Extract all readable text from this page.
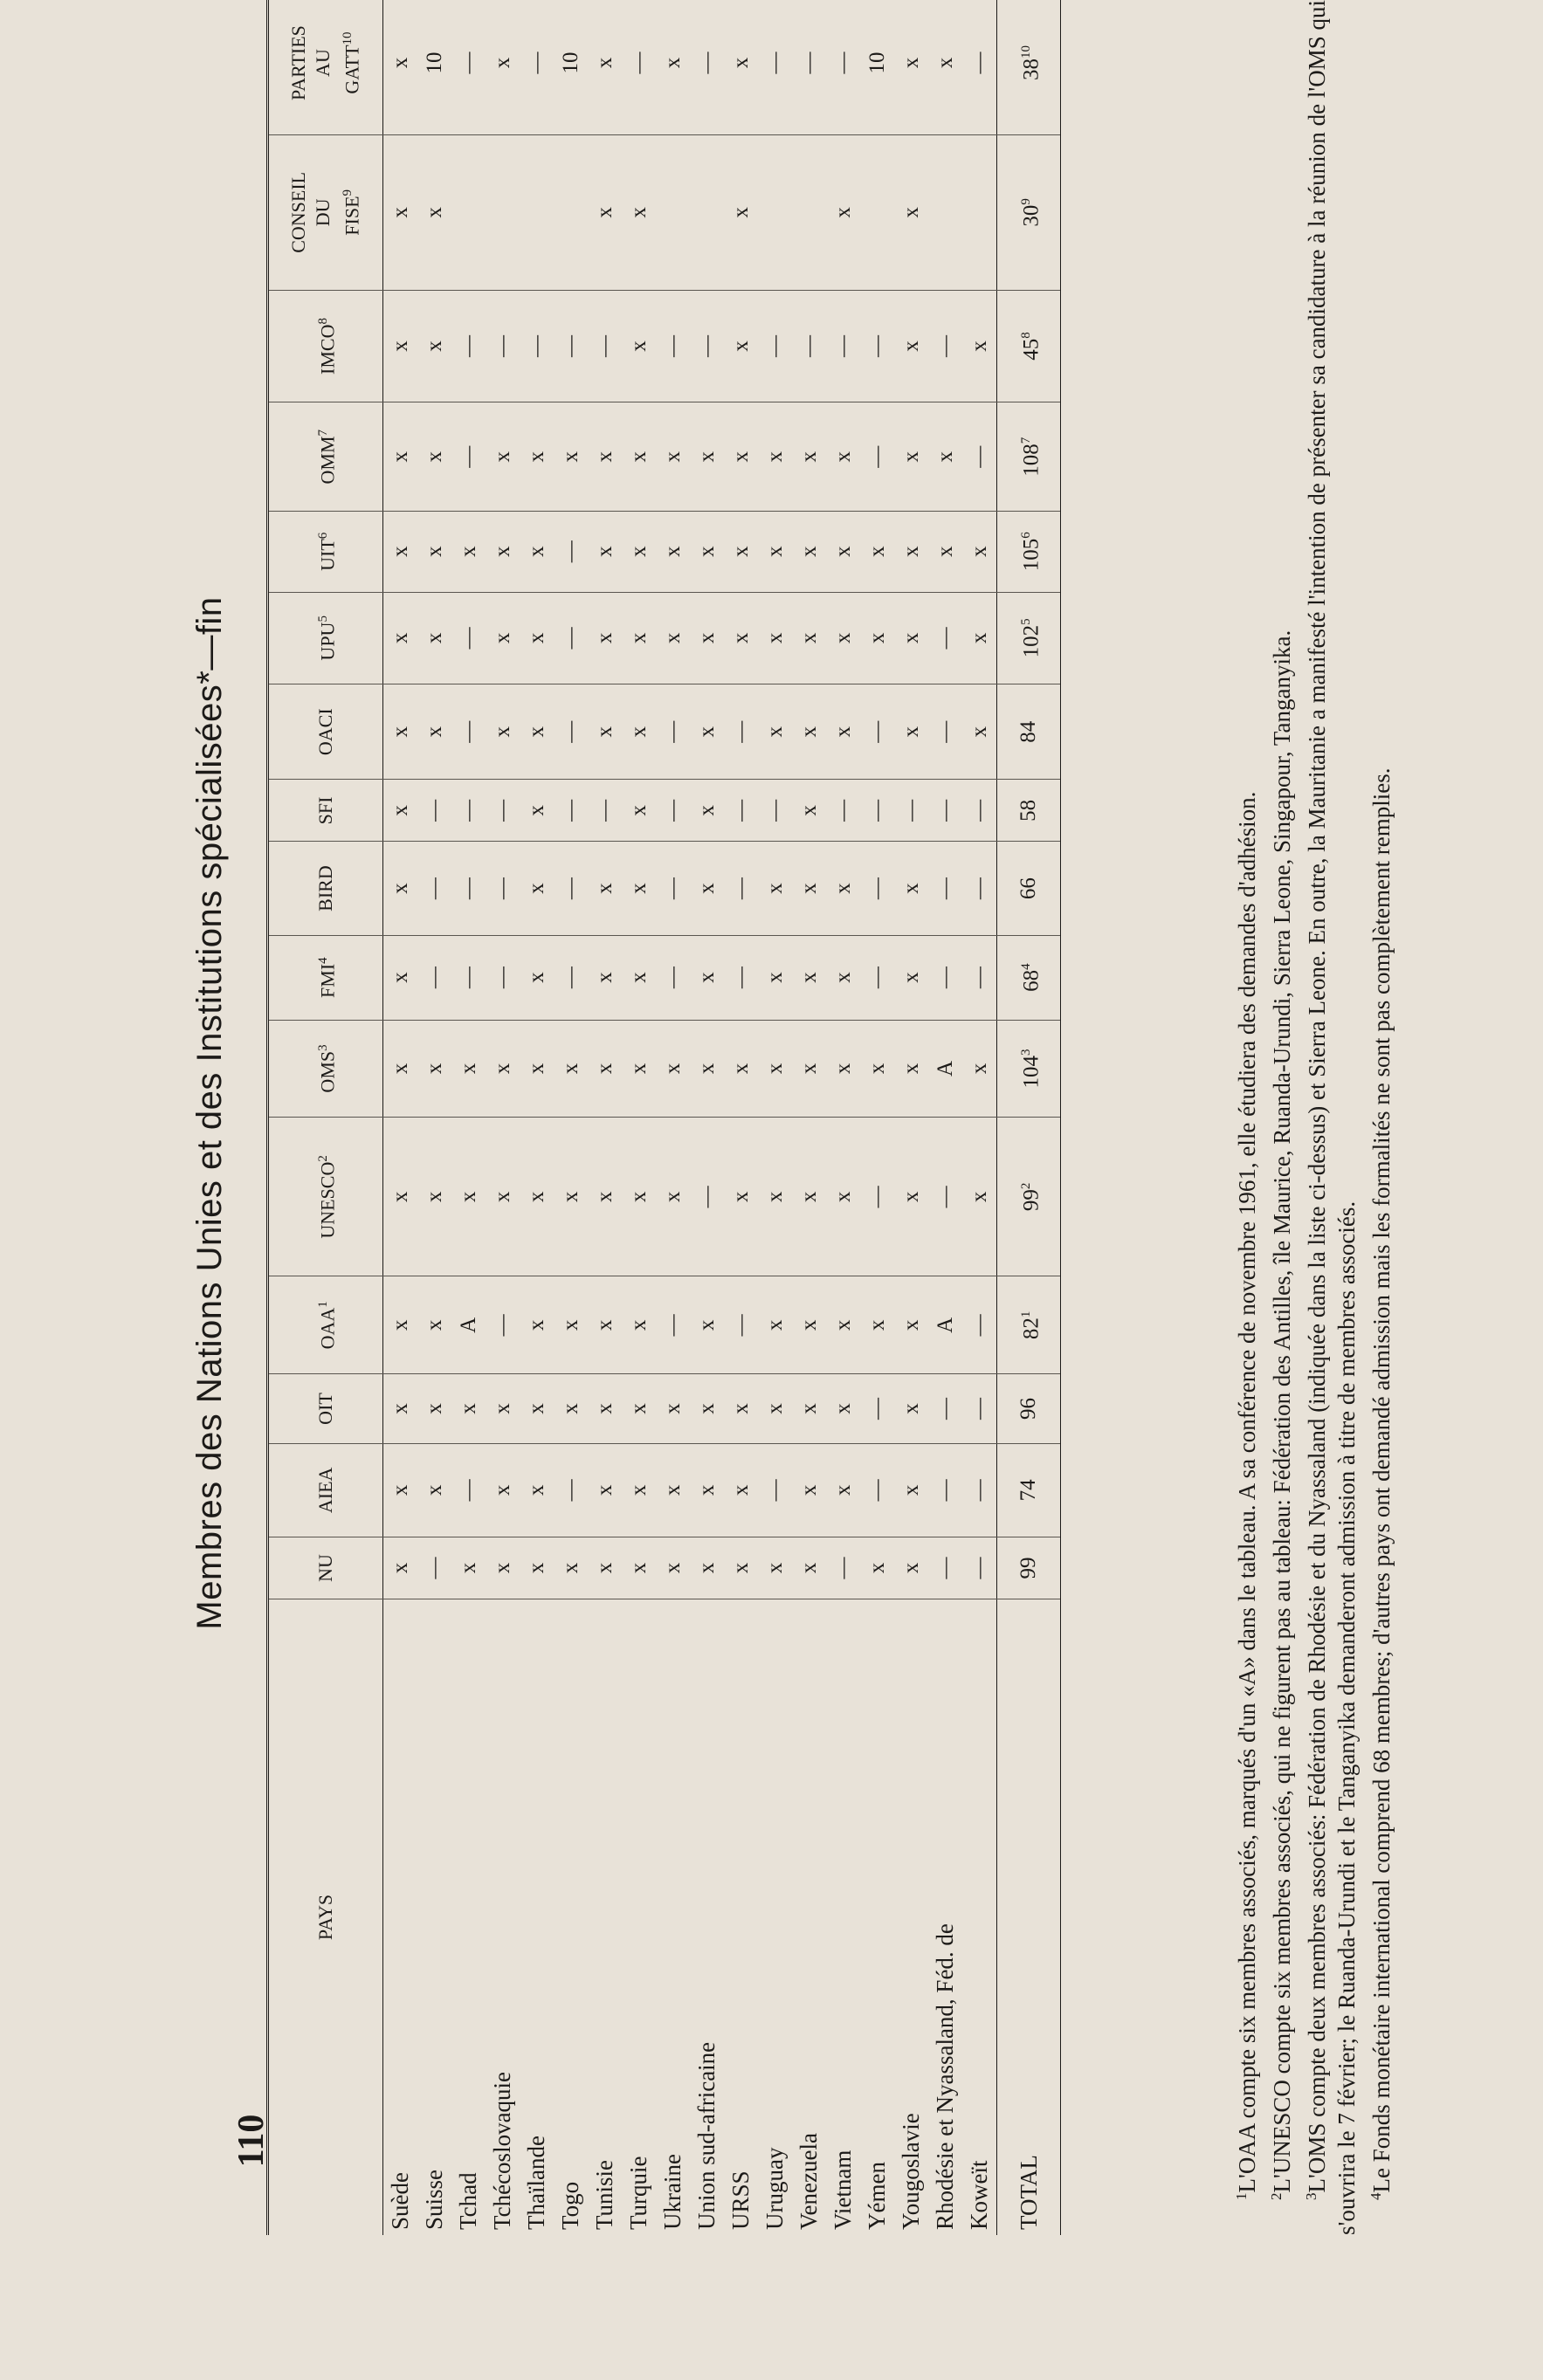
110
Membres des Nations Unies et des Institutions spécialisées*—fin
PAYS	NU	AIEA	OIT	OAA$^1$	UNESCO$^2$	OMS$^3$	FMI$^4$	BIRD	SFI	OACI	UPU$^5$	UIT$^6$	OMM$^7$	IMCO$^8$	CONSEIL DU FISE$^9$	PARTIES AU GATT$^{10}$
Suède	x	x	x	x	x	x	x	x	x	x	x	x	x	x	x	x
Suisse	—	x	x	x	x	x	—	—	—	x	x	x	x	x	x	10
Tchad	x	—	x	A	x	x	—	—	—	—	—	x	—	—		—
Tchécoslovaquie	x	x	x	—	x	x	—	—	—	x	x	x	x	—		x
Thaïlande	x	x	x	x	x	x	x	x	x	x	x	x	x	—		—
Togo	x	—	x	x	x	x	—	—	—	—	—	—	x	—		10
Tunisie	x	x	x	x	x	x	x	x	—	x	x	x	x	—	x	x
Turquie	x	x	x	x	x	x	x	x	x	x	x	x	x	x	x	—
Ukraine	x	x	x	—	x	x	—	—	—	—	x	x	x	—		x
Union sud-africaine	x	x	x	x	—	x	x	x	x	x	x	x	x	—		—
URSS	x	x	x	—	x	x	—	—	—	—	x	x	x	x	x	x
Uruguay	x	—	x	x	x	x	x	x	—	x	x	x	x	—		—
Venezuela	x	x	x	x	x	x	x	x	x	x	x	x	x	—		—
Vietnam	—	x	x	x	x	x	x	x	—	x	x	x	x	—	x	—
Yémen	x	—	—	x	—	x	—	—	—	—	x	x	—	—		10
Yougoslavie	x	x	x	x	x	x	x	x	—	x	x	x	x	x	x	x
Rhodésie et Nyassaland, Féd. de	—	—	—	A	—	A	—	—	—	—	—	x	x	—		x
Koweït	—	—	—	—	x	x	—	—	—	x	x	x	—	x		—
TOTAL	99	74	96	$82^1$	$99^2$	$104^3$	$68^4$	66	58	84	$102^5$	$105^6$	$108^7$	$45^8$	$30^9$	$38^{10}$

$^1$L'OAA compte six membres associés, marqués d'un «A» dans le tableau. A sa conférence de novembre 1961, elle étudiera des demandes d'adhésion.

$^2$L'UNESCO compte six membres associés, qui ne figurent pas au tableau: Fédération des Antilles, île Maurice, Ruanda-Urundi, Sierra Leone, Singapour, Tanganyika.

$^3$L'OMS compte deux membres associés: Fédération de Rhodésie et du Nyassaland (indiquée dans la liste ci-dessus) et Sierra Leone. En outre, la Mauritanie a manifesté l'intention de présenter sa candidature à la réunion de l'OMS qui s'ouvrira le 7 février; le Ruanda-Urundi et le Tanganyika demanderont admission à titre de membres associés. $^4$Le Fonds monétaire international comprend 68 membres; d'autres pays ont demandé admission mais les formalités ne sont pas complètement remplies.
